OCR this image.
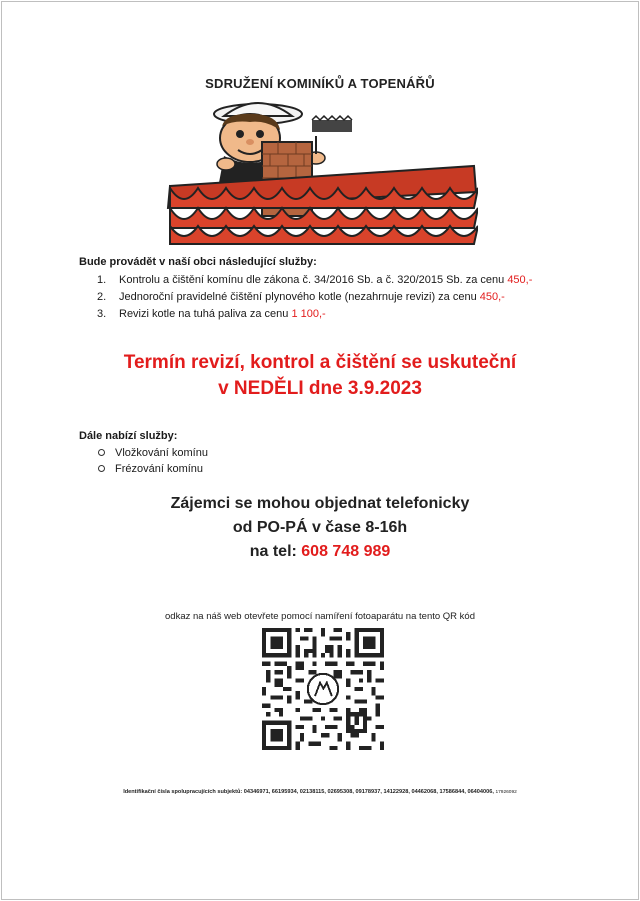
SDRUŽENÍ KOMINÍKŮ A TOPENÁŘŮ
Bude provádět v naší obci následující služby:
1. Kontrolu a čištění komínu dle zákona č. 34/2016 Sb. a č. 320/2015 Sb. za cenu 450,-
2. Jednoroční pravidelné čištění plynového kotle (nezahrnuje revizi) za cenu 450,-
3. Revizi kotle na tuhá paliva za cenu 1 100,-
Termín revizí, kontrol a čištění se uskuteční
v NEDĚLI dne 3.9.2023
Dále nabízí služby:
Vložkování komínu
Frézování komínu
Zájemci se mohou objednat telefonicky
od PO-PÁ v čase 8-16h
na tel: 608 748 989
odkaz na náš web otevřete pomocí namíření fotoaparátu na tento QR kód
Identifikační čísla spolupracujících subjektů: 04346971, 66195934, 02138115, 02695308, 09178937, 14122928, 04462068, 17586844, 06404006, 17926092
